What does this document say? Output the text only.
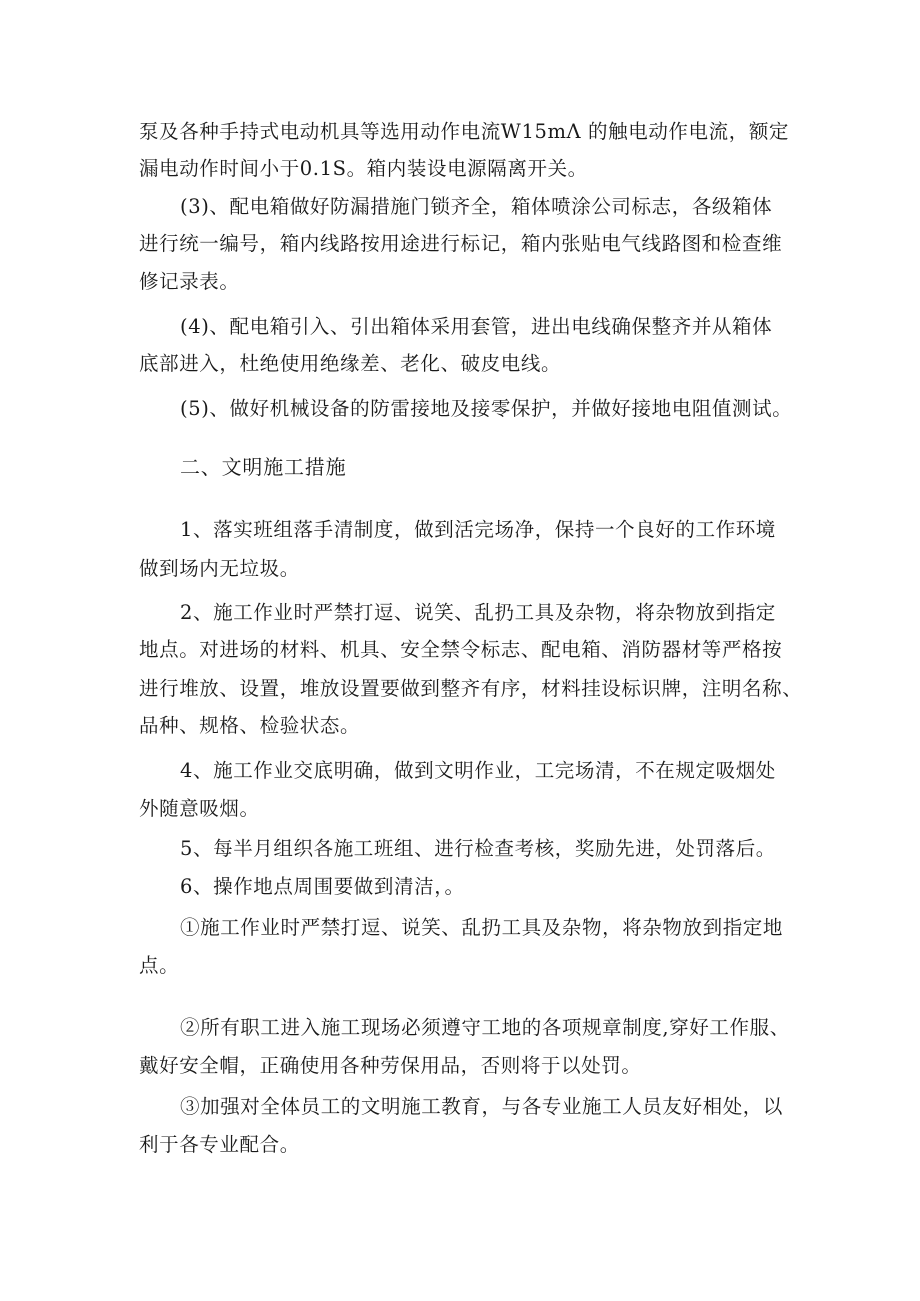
泵及各种手持式电动机具等选用动作电流W15mΛ 的触电动作电流，额定
漏电动作时间小于0.1S。箱内装设电源隔离开关。
(3)、配电箱做好防漏措施门锁齐全，箱体喷涂公司标志，各级箱体
进行统一编号，箱内线路按用途进行标记，箱内张贴电气线路图和检查维
修记录表。
(4)、配电箱引入、引出箱体采用套管，进出电线确保整齐并从箱体
底部进入，杜绝使用绝缘差、老化、破皮电线。
(5)、做好机械设备的防雷接地及接零保护，并做好接地电阻值测试。
二、文明施工措施
1、落实班组落手清制度，做到活完场净，保持一个良好的工作环境
做到场内无垃圾。
2、施工作业时严禁打逗、说笑、乱扔工具及杂物，将杂物放到指定
地点。对进场的材料、机具、安全禁令标志、配电箱、消防器材等严格按
进行堆放、设置，堆放设置要做到整齐有序，材料挂设标识牌，注明名称、
品种、规格、检验状态。
4、施工作业交底明确，做到文明作业，工完场清，不在规定吸烟处
外随意吸烟。
5、每半月组织各施工班组、进行检查考核，奖励先进，处罚落后。
6、操作地点周围要做到清洁，。
①施工作业时严禁打逗、说笑、乱扔工具及杂物，将杂物放到指定地
点。
②所有职工进入施工现场必须遵守工地的各项规章制度,穿好工作服、
戴好安全帽，正确使用各种劳保用品，否则将于以处罚。
③加强对全体员工的文明施工教育，与各专业施工人员友好相处，以
利于各专业配合。
